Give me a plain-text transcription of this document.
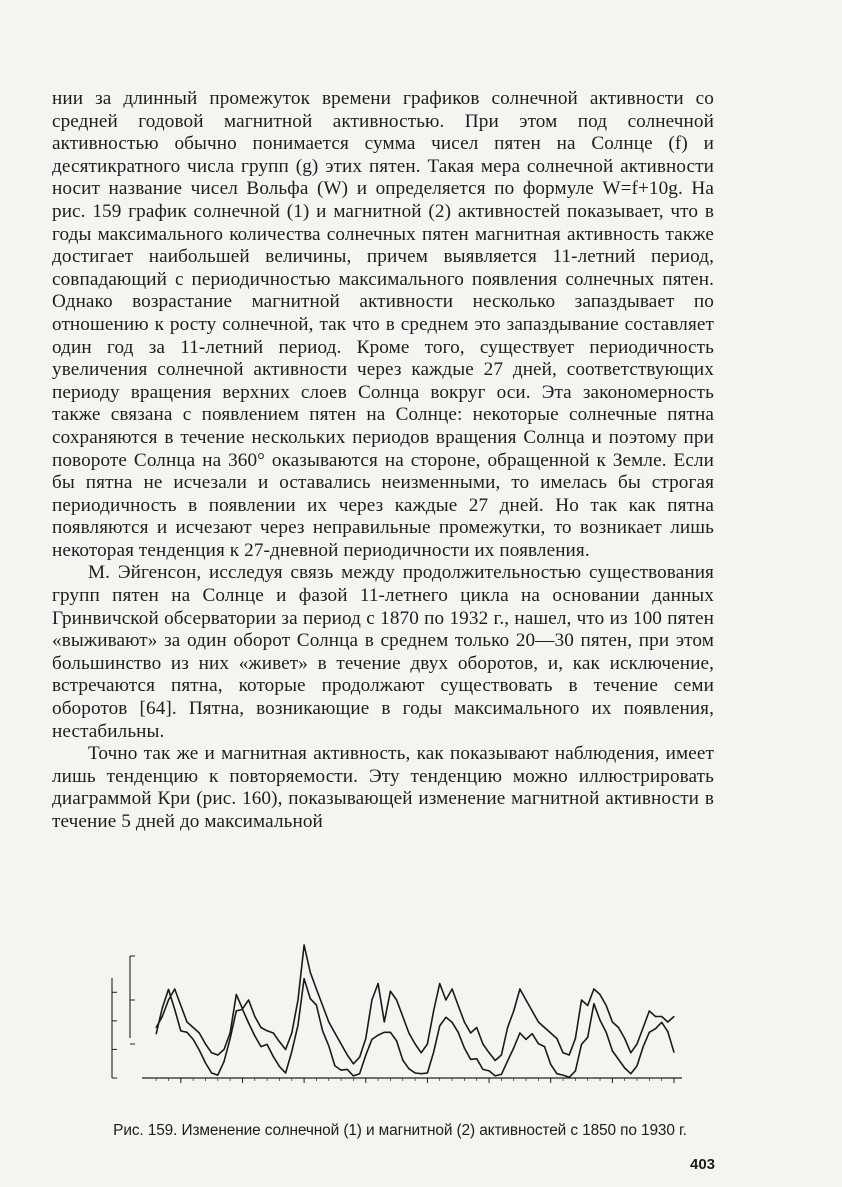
нии за длинный промежуток времени графиков солнечной активности со средней годовой магнитной активностью. При этом под солнечной активностью обычно понимается сумма чисел пятен на Солнце (f) и десятикратного числа групп (g) этих пятен. Такая мера солнечной активности носит название чисел Вольфа (W) и определяется по формуле W=f+10g. На рис. 159 график солнечной (1) и магнитной (2) активностей показывает, что в годы максимального количества солнечных пятен магнитная активность также достигает наибольшей величины, причем выявляется 11-летний период, совпадающий с периодичностью максимального появления солнечных пятен. Однако возрастание магнитной активности несколько запаздывает по отношению к росту солнечной, так что в среднем это запаздывание составляет один год за 11-летний период. Кроме того, существует периодичность увеличения солнечной активности через каждые 27 дней, соответствующих периоду вращения верхних слоев Солнца вокруг оси. Эта закономерность также связана с появлением пятен на Солнце: некоторые солнечные пятна сохраняются в течение нескольких периодов вращения Солнца и поэтому при повороте Солнца на 360° оказываются на стороне, обращенной к Земле. Если бы пятна не исчезали и оставались неизменными, то имелась бы строгая периодичность в появлении их через каждые 27 дней. Но так как пятна появляются и исчезают через неправильные промежутки, то возникает лишь некоторая тенденция к 27-дневной периодичности их появления.

М. Эйгенсон, исследуя связь между продолжительностью существования групп пятен на Солнце и фазой 11-летнего цикла на основании данных Гринвичской обсерватории за период с 1870 по 1932 г., нашел, что из 100 пятен «выживают» за один оборот Солнца в среднем только 20—30 пятен, при этом большинство из них «живет» в течение двух оборотов, и, как исключение, встречаются пятна, которые продолжают существовать в течение семи оборотов [64]. Пятна, возникающие в годы максимального их появления, нестабильны.

Точно так же и магнитная активность, как показывают наблюдения, имеет лишь тенденцию к повторяемости. Эту тенденцию можно иллюстрировать диаграммой Кри (рис. 160), показывающей изменение магнитной активности в течение 5 дней до максимальной

Рис. 159. Изменение солнечной (1) и магнитной (2) активностей с 1850 по 1930 г.
403
